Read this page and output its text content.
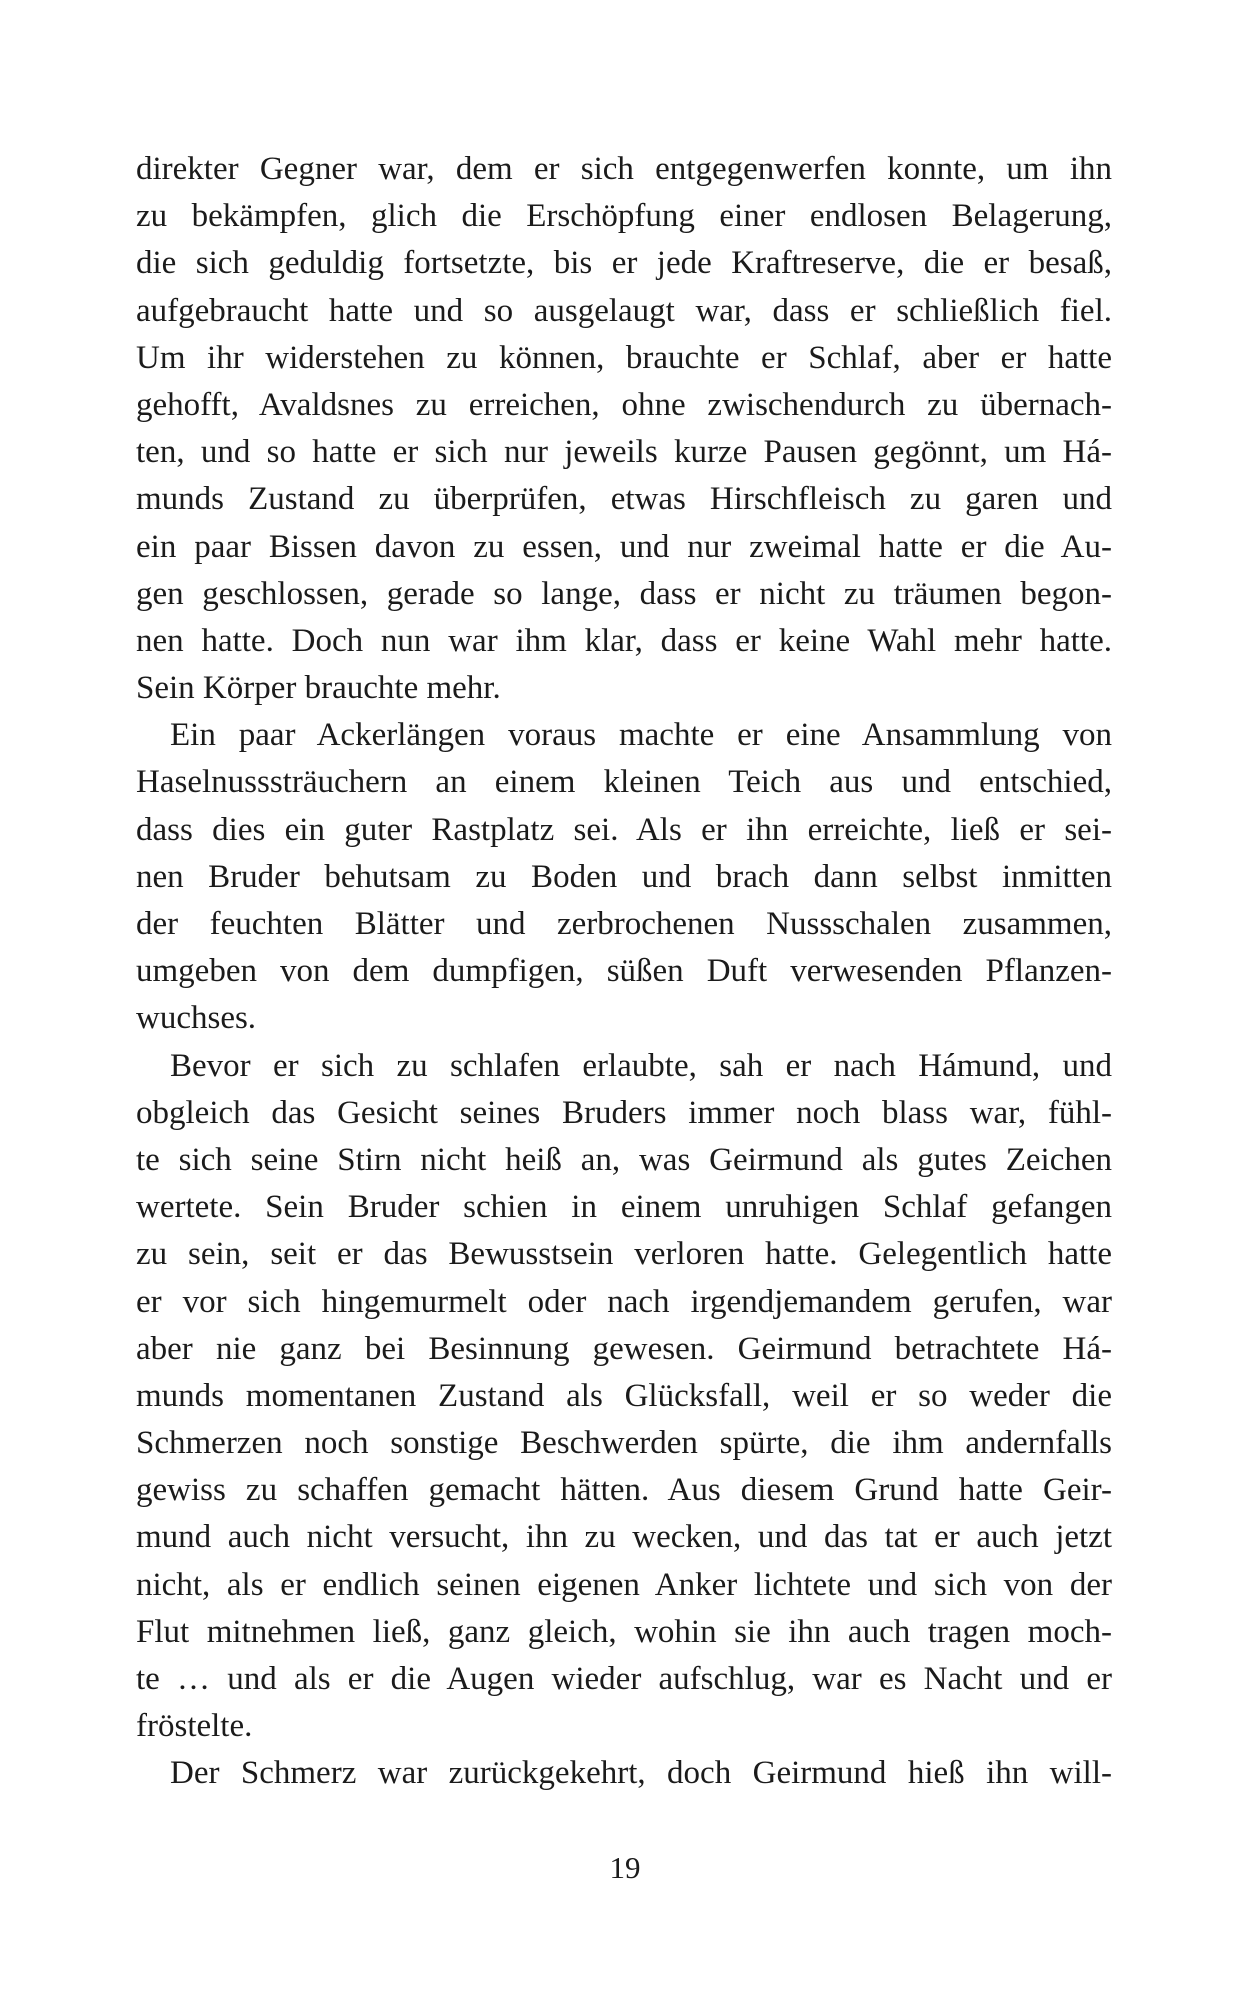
direkter Gegner war, dem er sich entgegenwerfen konnte, um ihn
zu bekämpfen, glich die Erschöpfung einer endlosen Belagerung,
die sich geduldig fortsetzte, bis er jede Kraftreserve, die er besaß,
aufgebraucht hatte und so ausgelaugt war, dass er schließlich fiel.
Um ihr widerstehen zu können, brauchte er Schlaf, aber er hatte
gehofft, Avaldsnes zu erreichen, ohne zwischendurch zu übernach-
ten, und so hatte er sich nur jeweils kurze Pausen gegönnt, um Há-
munds Zustand zu überprüfen, etwas Hirschfleisch zu garen und
ein paar Bissen davon zu essen, und nur zweimal hatte er die Au-
gen geschlossen, gerade so lange, dass er nicht zu träumen begon-
nen hatte. Doch nun war ihm klar, dass er keine Wahl mehr hatte.
Sein Körper brauchte mehr.
Ein paar Ackerlängen voraus machte er eine Ansammlung von
Haselnusssträuchern an einem kleinen Teich aus und entschied,
dass dies ein guter Rastplatz sei. Als er ihn erreichte, ließ er sei-
nen Bruder behutsam zu Boden und brach dann selbst inmitten
der feuchten Blätter und zerbrochenen Nussschalen zusammen,
umgeben von dem dumpfigen, süßen Duft verwesenden Pflanzen-
wuchses.
Bevor er sich zu schlafen erlaubte, sah er nach Hámund, und
obgleich das Gesicht seines Bruders immer noch blass war, fühl-
te sich seine Stirn nicht heiß an, was Geirmund als gutes Zeichen
wertete. Sein Bruder schien in einem unruhigen Schlaf gefangen
zu sein, seit er das Bewusstsein verloren hatte. Gelegentlich hatte
er vor sich hingemurmelt oder nach irgendjemandem gerufen, war
aber nie ganz bei Besinnung gewesen. Geirmund betrachtete Há-
munds momentanen Zustand als Glücksfall, weil er so weder die
Schmerzen noch sonstige Beschwerden spürte, die ihm andernfalls
gewiss zu schaffen gemacht hätten. Aus diesem Grund hatte Geir-
mund auch nicht versucht, ihn zu wecken, und das tat er auch jetzt
nicht, als er endlich seinen eigenen Anker lichtete und sich von der
Flut mitnehmen ließ, ganz gleich, wohin sie ihn auch tragen moch-
te … und als er die Augen wieder aufschlug, war es Nacht und er
fröstelte.
Der Schmerz war zurückgekehrt, doch Geirmund hieß ihn will-
19
